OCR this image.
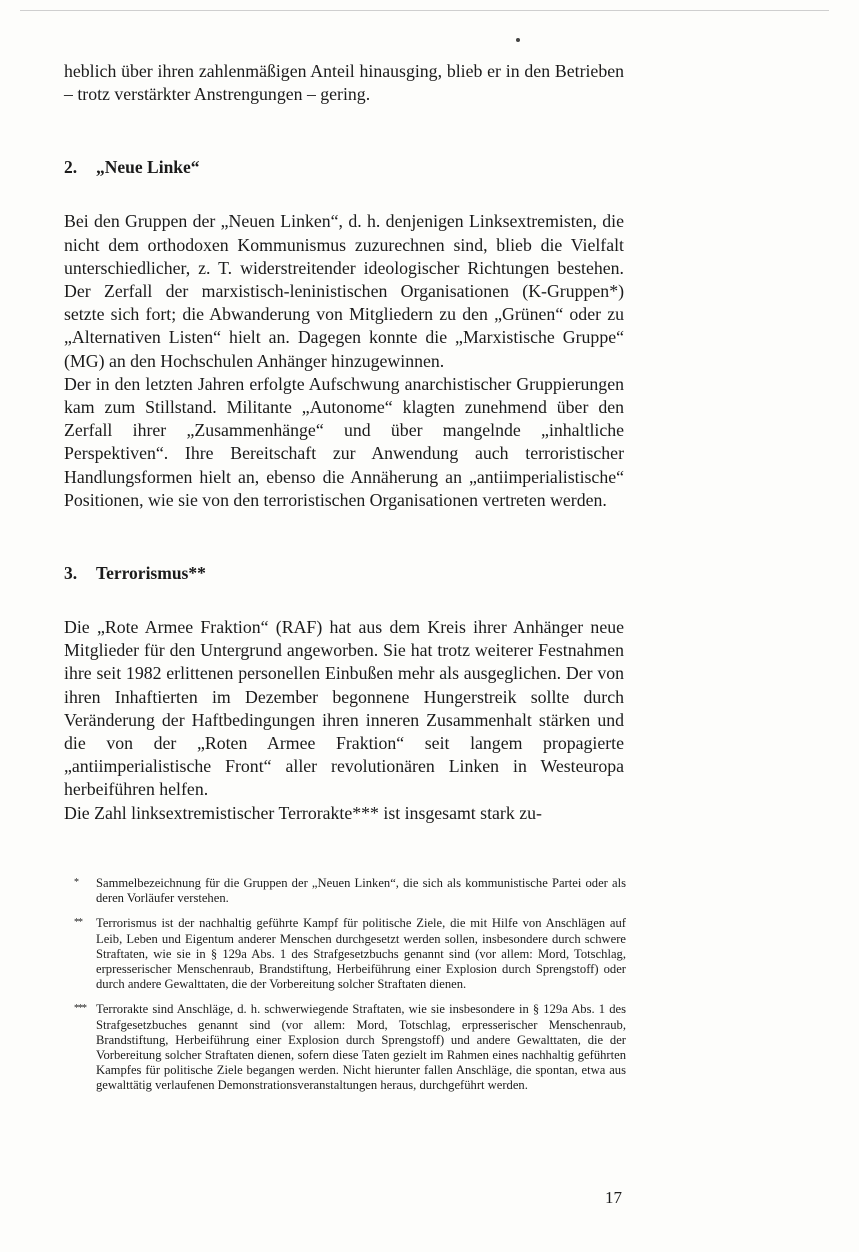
heblich über ihren zahlenmäßigen Anteil hinausging, blieb er in den Betrieben – trotz verstärkter Anstrengungen – gering.

2. „Neue Linke“

Bei den Gruppen der „Neuen Linken“, d. h. denjenigen Linksextremisten, die nicht dem orthodoxen Kommunismus zuzurechnen sind, blieb die Vielfalt unterschiedlicher, z. T. widerstreitender ideologischer Richtungen bestehen. Der Zerfall der marxistisch-leninistischen Organisationen (K-Gruppen*) setzte sich fort; die Abwanderung von Mitgliedern zu den „Grünen“ oder zu „Alternativen Listen“ hielt an. Dagegen konnte die „Marxistische Gruppe“ (MG) an den Hochschulen Anhänger hinzugewinnen.

Der in den letzten Jahren erfolgte Aufschwung anarchistischer Gruppierungen kam zum Stillstand. Militante „Autonome“ klagten zunehmend über den Zerfall ihrer „Zusammenhänge“ und über mangelnde „inhaltliche Perspektiven“. Ihre Bereitschaft zur Anwendung auch terroristischer Handlungsformen hielt an, ebenso die Annäherung an „antiimperialistische“ Positionen, wie sie von den terroristischen Organisationen vertreten werden.

3. Terrorismus**

Die „Rote Armee Fraktion“ (RAF) hat aus dem Kreis ihrer Anhänger neue Mitglieder für den Untergrund angeworben. Sie hat trotz weiterer Festnahmen ihre seit 1982 erlittenen personellen Einbußen mehr als ausgeglichen. Der von ihren Inhaftierten im Dezember begonnene Hungerstreik sollte durch Veränderung der Haftbedingungen ihren inneren Zusammenhalt stärken und die von der „Roten Armee Fraktion“ seit langem propagierte „antiimperialistische Front“ aller revolutionären Linken in Westeuropa herbeiführen helfen.

Die Zahl linksextremistischer Terrorakte*** ist insgesamt stark zu-

*	Sammelbezeichnung für die Gruppen der „Neuen Linken“, die sich als kommunistische Partei oder als deren Vorläufer verstehen.
**	Terrorismus ist der nachhaltig geführte Kampf für politische Ziele, die mit Hilfe von Anschlägen auf Leib, Leben und Eigentum anderer Menschen durchgesetzt werden sollen, insbesondere durch schwere Straftaten, wie sie in § 129a Abs. 1 des Strafgesetzbuchs genannt sind (vor allem: Mord, Totschlag, erpresserischer Menschenraub, Brandstiftung, Herbeiführung einer Explosion durch Sprengstoff) oder durch andere Gewalttaten, die der Vorbereitung solcher Straftaten dienen.
*** Terrorakte sind Anschläge, d. h. schwerwiegende Straftaten, wie sie insbesondere in § 129a Abs. 1 des Strafgesetzbuches genannt sind (vor allem: Mord, Totschlag, erpresserischer Menschenraub, Brandstiftung, Herbeiführung einer Explosion durch Sprengstoff) und andere Gewalttaten, die der Vorbereitung solcher Straftaten dienen, sofern diese Taten gezielt im Rahmen eines nachhaltig geführten Kampfes für politische Ziele begangen werden. Nicht hierunter fallen Anschläge, die spontan, etwa aus gewalttätig verlaufenen Demonstrationsveranstaltungen heraus, durchgeführt werden.
17
